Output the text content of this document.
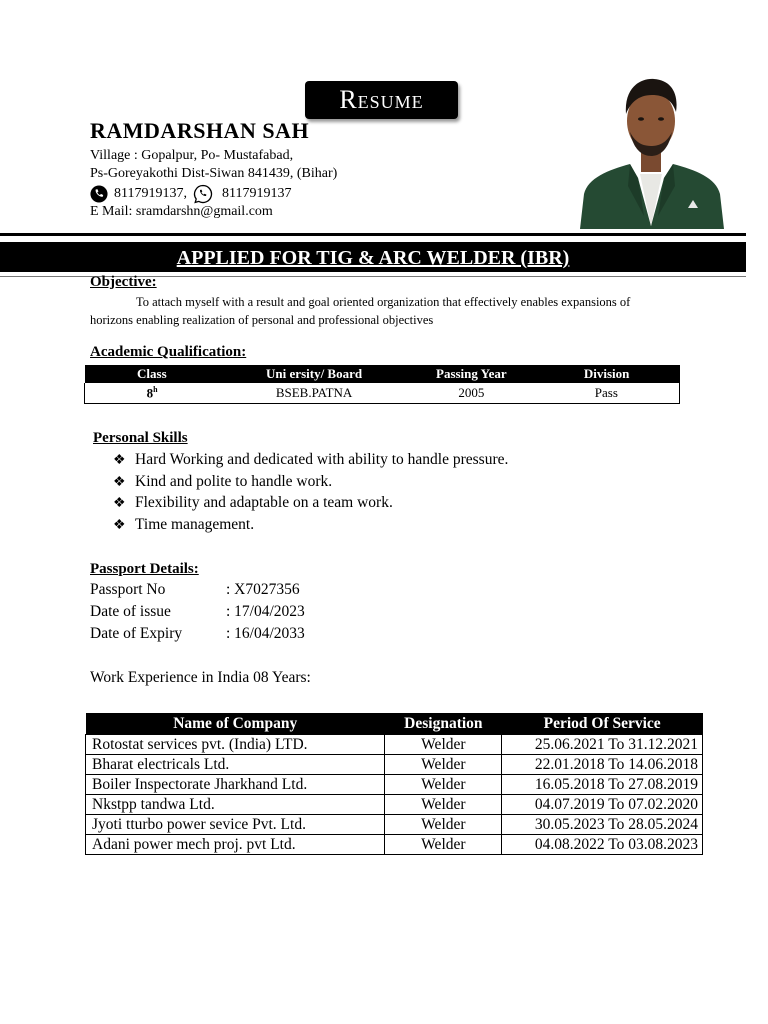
Resume
RAMDARSHAN SAH
Village : Gopalpur, Po- Mustafabad,
Ps-Goreyakothi Dist-Siwan 841439, (Bihar)
8117919137,	8117919137
E Mail: sramdarshn@gmail.com
APPLIED FOR TIG & ARC WELDER (IBR)
Objective:
To attach myself with a result and goal oriented organization that effectively enables expansions of horizons enabling realization of personal and professional objectives
Academic Qualification:
Class	Uni ersity/ Board	Passing Year	Division
8$^h$	BSEB.PATNA	2005	Pass
Personal Skills
❖ Hard Working and dedicated with ability to handle pressure.
❖ Kind and polite to handle work.
❖ Flexibility and adaptable on a team work.
❖ Time management.
Passport Details:
Passport No	: X7027356
Date of issue	: 17/04/2023
Date of Expiry	: 16/04/2033
Work Experience in India 08 Years:
Name of Company	Designation	Period Of Service
Rotostat services pvt. (India) LTD.	Welder	25.06.2021 To 31.12.2021
Bharat electricals Ltd.	Welder	22.01.2018 To 14.06.2018
Boiler Inspectorate Jharkhand Ltd.	Welder	16.05.2018 To 27.08.2019
Nkstpp tandwa Ltd.	Welder	04.07.2019 To 07.02.2020
Jyoti tturbo power sevice Pvt. Ltd.	Welder	30.05.2023 To 28.05.2024
Adani power mech proj. pvt Ltd.	Welder	04.08.2022 To 03.08.2023
